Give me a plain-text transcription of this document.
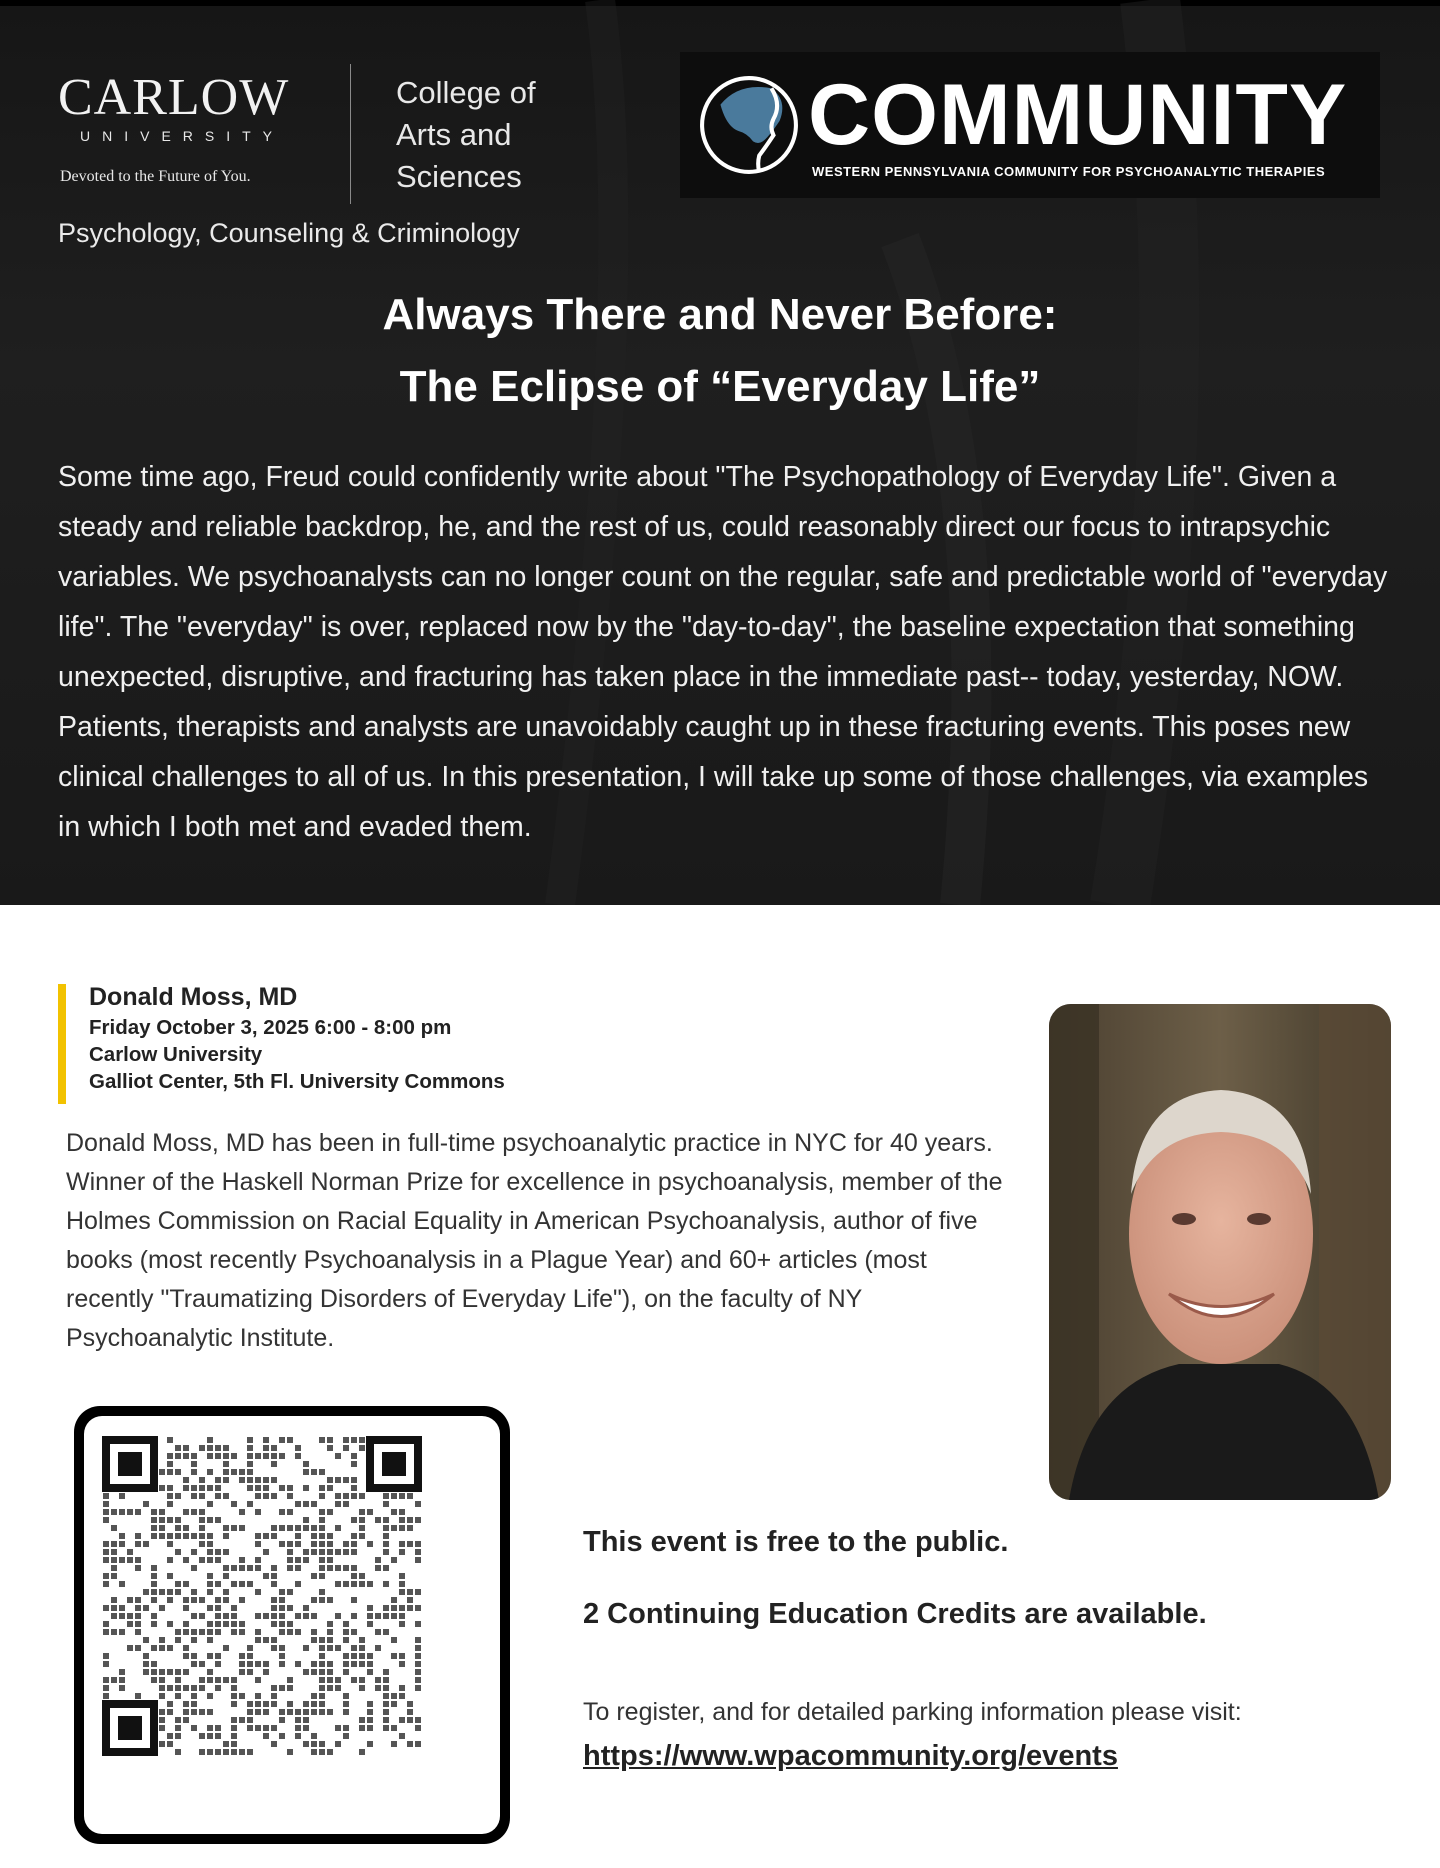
CARLOW
UNIVERSITY
Devoted to the Future of You.
College of
Arts and
Sciences
Psychology, Counseling & Criminology
COMMUNITY
WESTERN PENNSYLVANIA COMMUNITY FOR PSYCHOANALYTIC THERAPIES
Always There and Never Before:
The Eclipse of “Everyday Life”
Some time ago, Freud could confidently write about "The Psychopathology of Everyday Life". Given a steady and reliable backdrop, he, and the rest of us, could reasonably direct our focus to intrapsychic variables. We psychoanalysts can no longer count on the regular, safe and predictable world of "everyday life". The "everyday" is over, replaced now by the "day-to-day", the baseline expectation that something unexpected, disruptive, and fracturing has taken place in the immediate past-- today, yesterday, NOW. Patients, therapists and analysts are unavoidably caught up in these fracturing events. This poses new clinical challenges to all of us. In this presentation, I will take up some of those challenges, via examples in which I both met and evaded them.
Donald Moss, MD
Friday October 3, 2025 6:00 - 8:00 pm
Carlow University
Galliot Center, 5th Fl. University Commons
Donald Moss, MD has been in full-time psychoanalytic practice in NYC for 40 years. Winner of the Haskell Norman Prize for excellence in psychoanalysis, member of the Holmes Commission on Racial Equality in American Psychoanalysis, author of five books (most recently Psychoanalysis in a Plague Year) and 60+ articles (most recently "Traumatizing Disorders of Everyday Life"), on the faculty of NY Psychoanalytic Institute.
This event is free to the public.
2 Continuing Education Credits are available.
To register, and for detailed parking information please visit:
https://www.wpacommunity.org/events
